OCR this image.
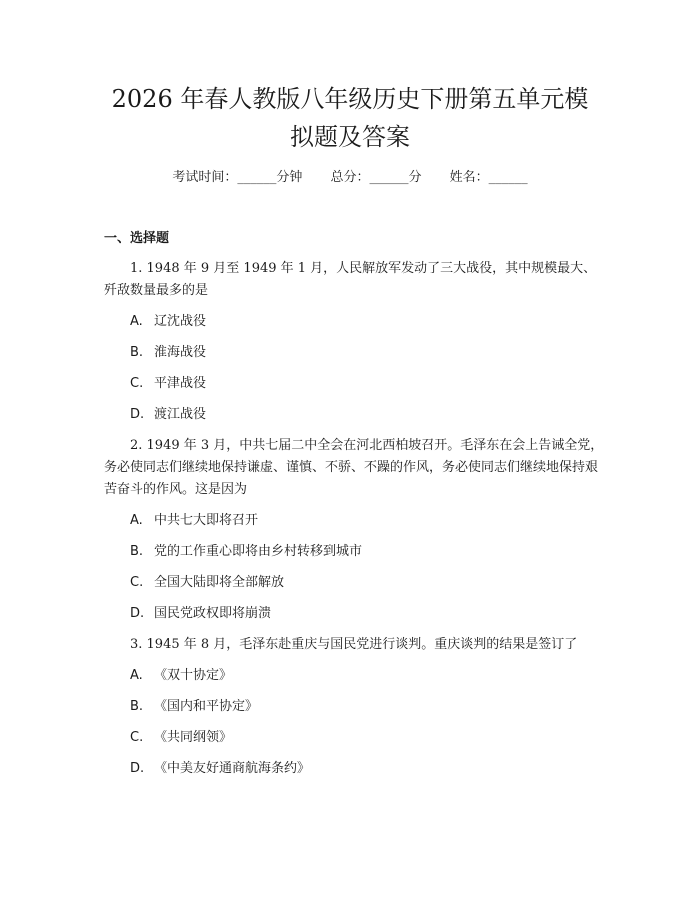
2026 年春人教版八年级历史下册第五单元模
拟题及答案
考试时间：______分钟 总分：______分 姓名：______
一、选择题

1. 1948 年 9 月至 1949 年 1 月，人民解放军发动了三大战役，其中规模最大、歼敌数量最多的是

A. 辽沈战役
B. 淮海战役
C. 平津战役
D. 渡江战役

2. 1949 年 3 月，中共七届二中全会在河北西柏坡召开。毛泽东在会上告诫全党，务必使同志们继续地保持谦虚、谨慎、不骄、不躁的作风，务必使同志们继续地保持艰苦奋斗的作风。这是因为

A. 中共七大即将召开
B. 党的工作重心即将由乡村转移到城市
C. 全国大陆即将全部解放
D. 国民党政权即将崩溃

3. 1945 年 8 月，毛泽东赴重庆与国民党进行谈判。重庆谈判的结果是签订了

A. 《双十协定》
B. 《国内和平协定》
C. 《共同纲领》
D. 《中美友好通商航海条约》
